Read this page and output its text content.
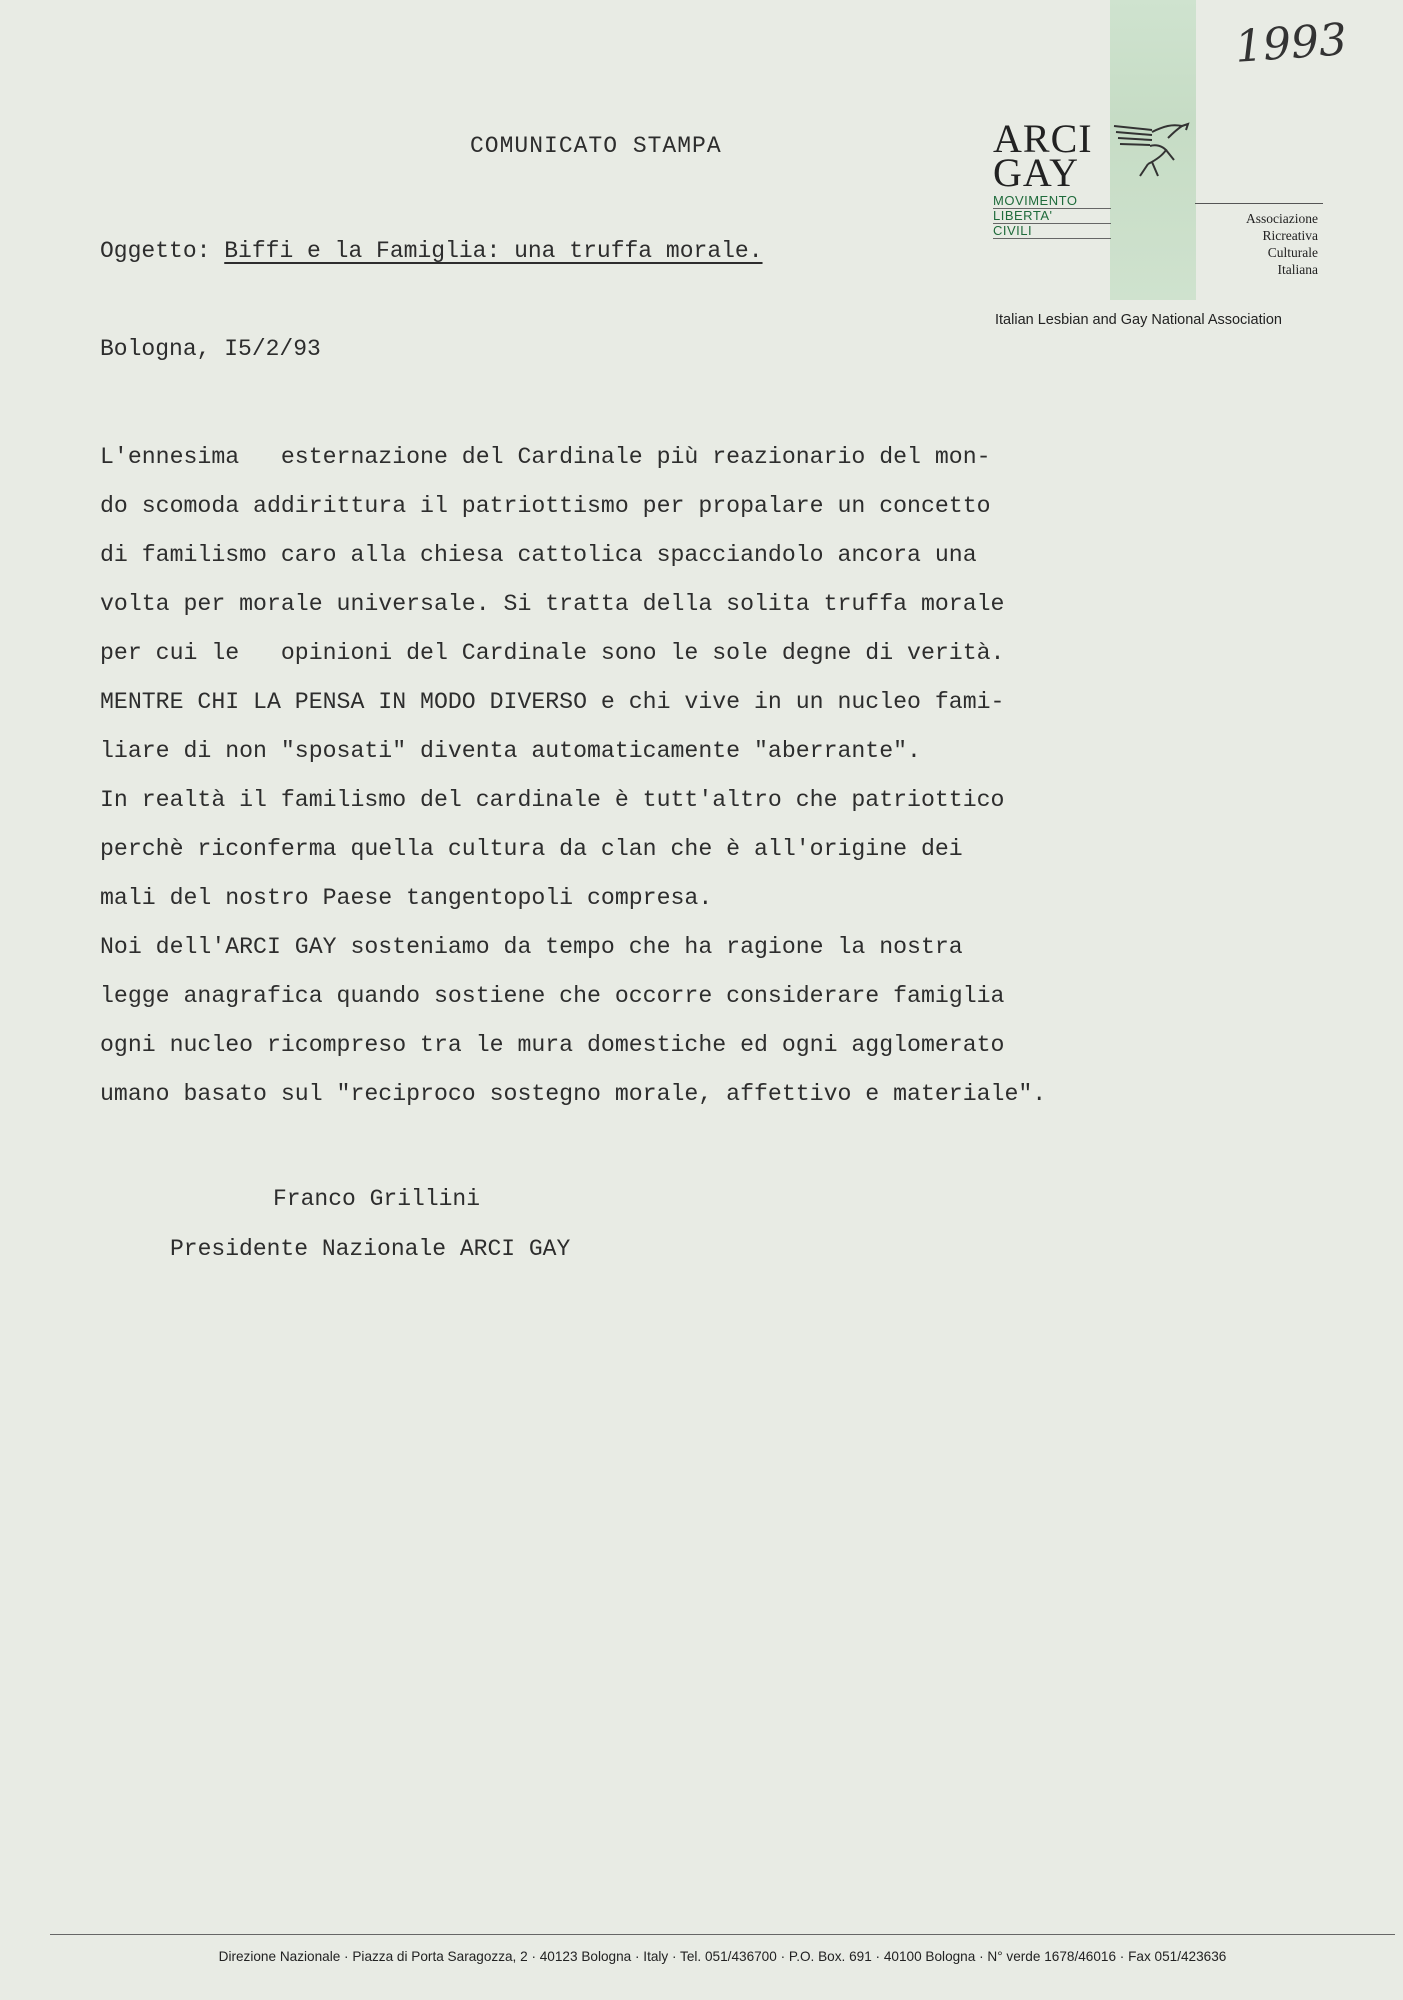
1993
ARCI
GAY
MOVIMENTO
LIBERTA'
CIVILI
Associazione
Ricreativa
Culturale
Italiana
Italian Lesbian and Gay National Association
COMUNICATO STAMPA
Oggetto: Biffi e la Famiglia: una truffa morale.
Bologna, I5/2/93
L'ennesima   esternazione del Cardinale più reazionario del mon-
do scomoda addirittura il patriottismo per propalare un concetto
di familismo caro alla chiesa cattolica spacciandolo ancora una
volta per morale universale. Si tratta della solita truffa morale
per cui le   opinioni del Cardinale sono le sole degne di verità.
MENTRE CHI LA PENSA IN MODO DIVERSO e chi vive in un nucleo fami-
liare di non "sposati" diventa automaticamente "aberrante".
In realtà il familismo del cardinale è tutt'altro che patriottico
perchè riconferma quella cultura da clan che è all'origine dei
mali del nostro Paese tangentopoli compresa.
Noi dell'ARCI GAY sosteniamo da tempo che ha ragione la nostra
legge anagrafica quando sostiene che occorre considerare famiglia
ogni nucleo ricompreso tra le mura domestiche ed ogni agglomerato
umano basato sul "reciproco sostegno morale, affettivo e materiale".
Franco Grillini
Presidente Nazionale ARCI GAY
Direzione Nazionale · Piazza di Porta Saragozza, 2 · 40123 Bologna · Italy · Tel. 051/436700 · P.O. Box. 691 · 40100 Bologna · N° verde 1678/46016 · Fax 051/423636
